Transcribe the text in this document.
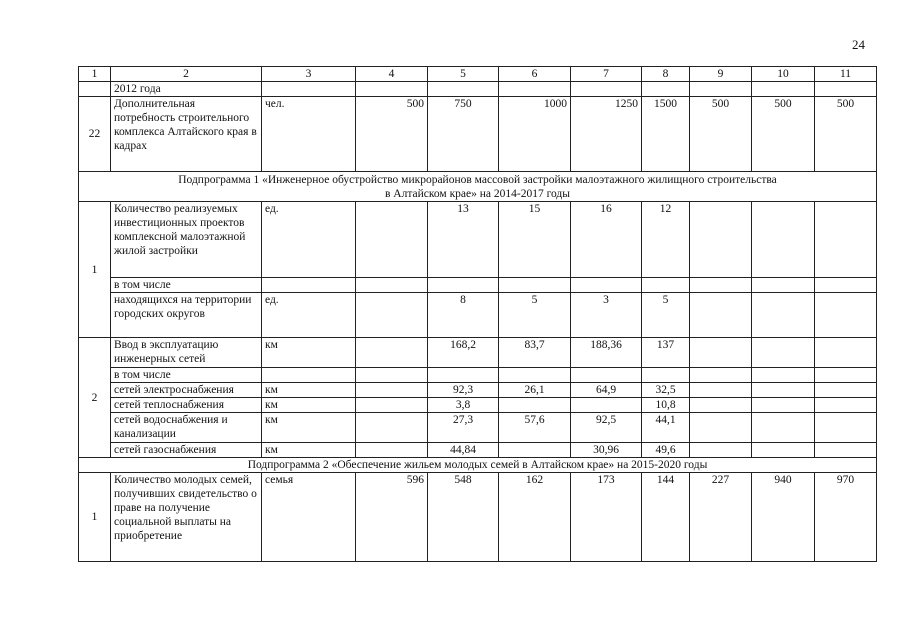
24
1	2	3	4	5	6	7	8	9	10	11
	2012 года									
22	Дополнительная потребность строительного комплекса Алтайского края в кадрах	чел.	500	750	1000	1250	1500	500	500	500

Подпрограмма 1 «Инженерное обустройство микрорайонов массовой застройки малоэтажного жилищного строительства
в Алтайском крае» на 2014-2017 годы										

1	Количество реализуемых инвестиционных проектов комплексной малоэтажной жилой застройки	ед.		13	15	16	12			
	в том числе									
	находящихся на территории городских округов	ед.		8	5	3	5			
2	Ввод в эксплуатацию инженерных сетей	км		168,2	83,7	188,36	137			
	в том числе									
	сетей электроснабжения	км		92,3	26,1	64,9	32,5			
	сетей теплоснабжения	км		3,8			10,8			
	сетей водоснабжения и канализации	км		27,3	57,6	92,5	44,1			
	сетей газоснабжения	км		44,84		30,96	49,6			
Подпрограмма 2 «Обеспечение жильем молодых семей в Алтайском крае» на 2015-2020 годы										
1	Количество молодых семей, получивших свидетельство о праве на получение социальной выплаты на приобретение	семья	596	548	162	173	144	227	940	970
